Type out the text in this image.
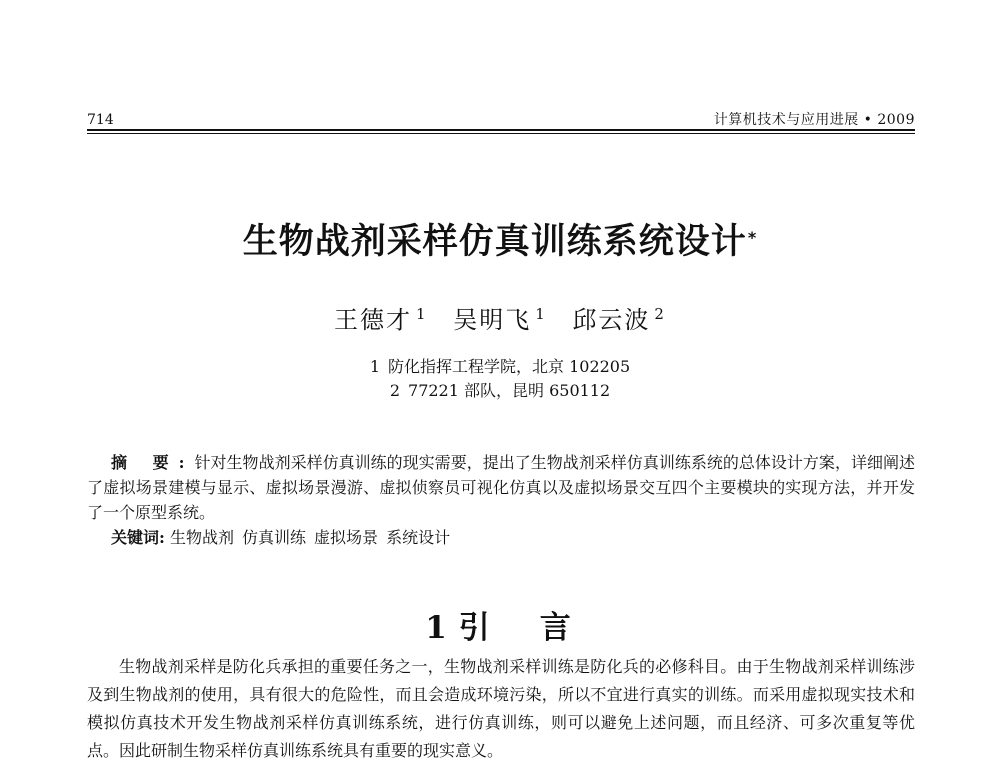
714	计算机技术与应用进展 • 2009
生物战剂采样仿真训练系统设计*
王德才 $^1$ 吴明飞 $^1$ 邱云波 $^2$
1 防化指挥工程学院，北京 102205
2 77221 部队，昆明 650112

摘 要:针对生物战剂采样仿真训练的现实需要，提出了生物战剂采样仿真训练系统的总体设计方案，详细阐述了虚拟场景建模与显示、虚拟场景漫游、虚拟侦察员可视化仿真以及虚拟场景交互四个主要模块的实现方法，并开发了一个原型系统。

关键词: 生物战剂 仿真训练 虚拟场景 系统设计
1 引 言

生物战剂采样是防化兵承担的重要任务之一，生物战剂采样训练是防化兵的必修科目。由于生物战剂采样训练涉及到生物战剂的使用，具有很大的危险性，而且会造成环境污染，所以不宜进行真实的训练。而采用虚拟现实技术和模拟仿真技术开发生物战剂采样仿真训练系统，进行仿真训练，则可以避免上述问题，而且经济、可多次重复等优点。因此研制生物采样仿真训练系统具有重要的现实意义。
